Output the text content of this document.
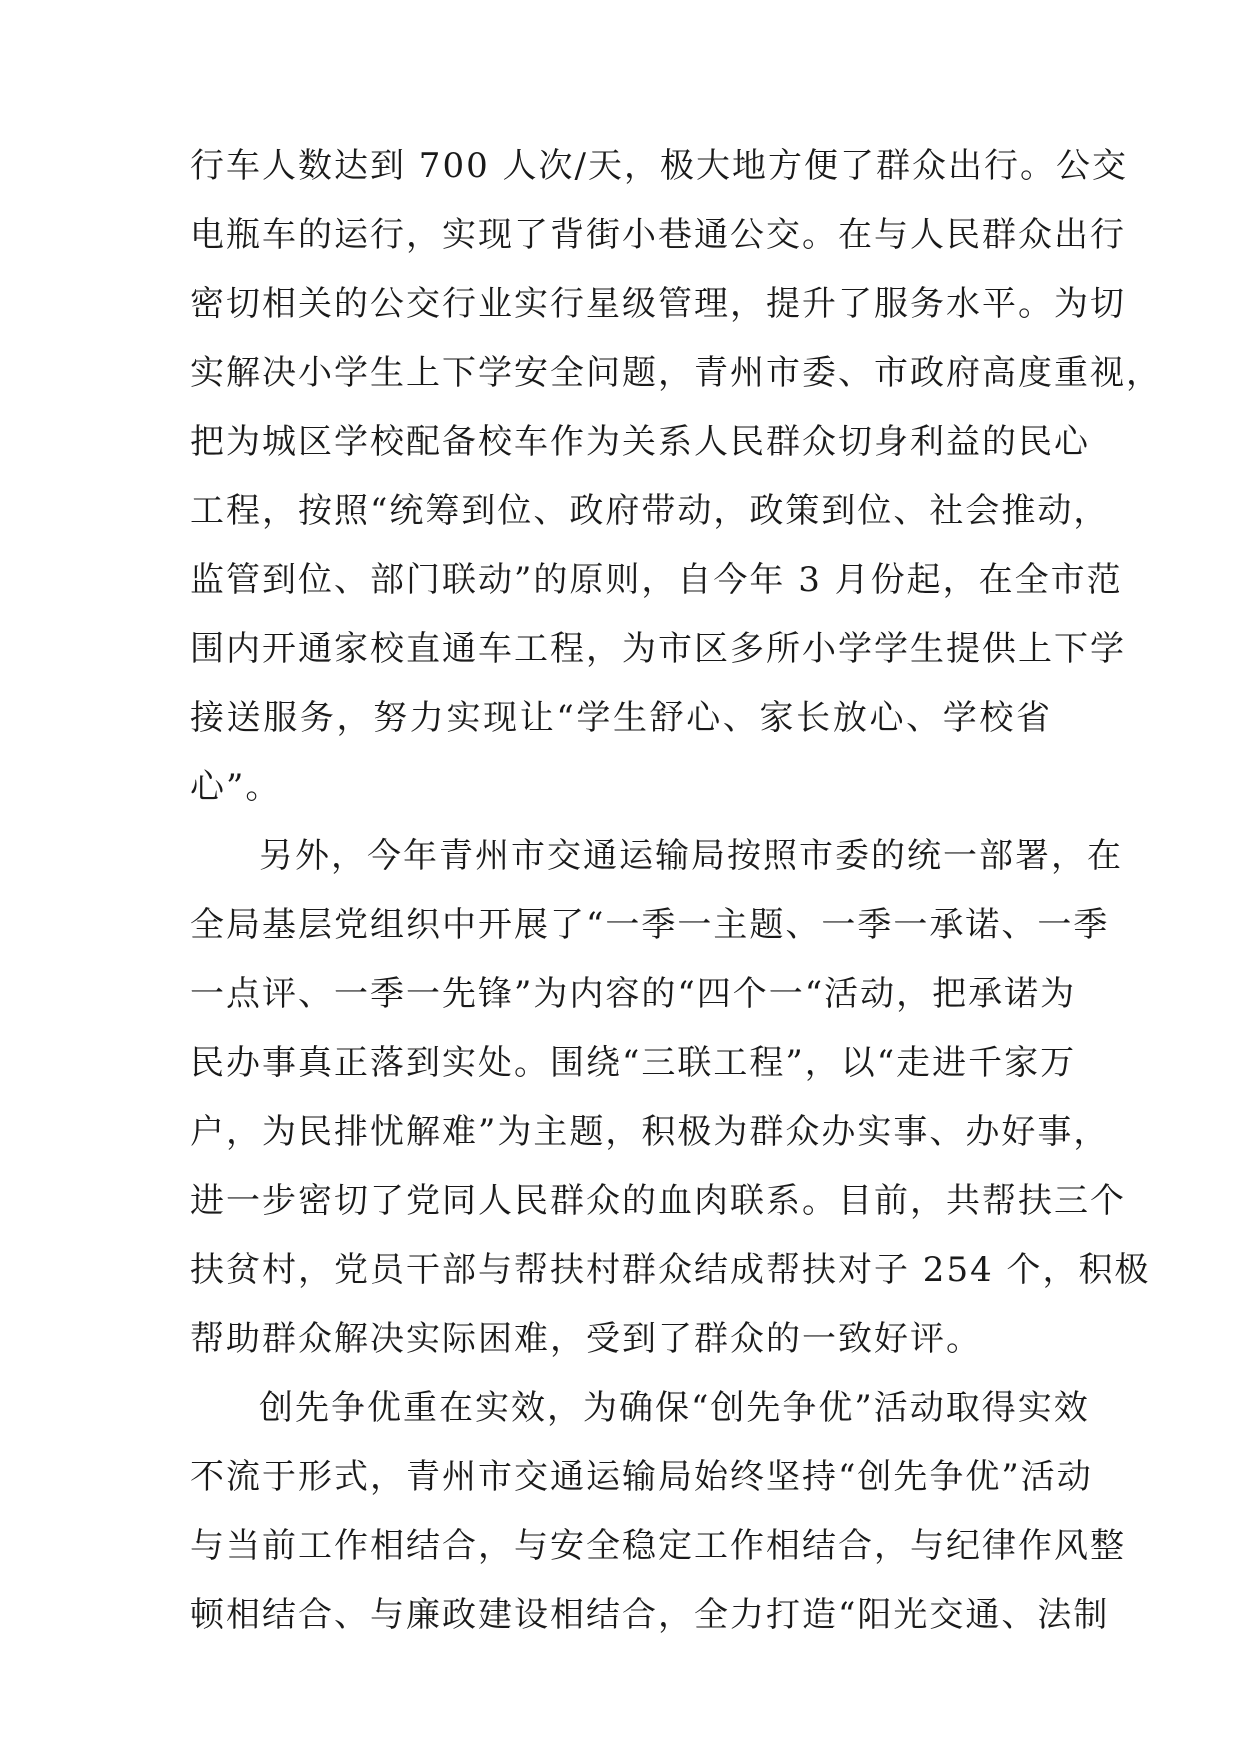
行车人数达到 700 人次/天，极大地方便了群众出行。公交
电瓶车的运行，实现了背街小巷通公交。在与人民群众出行
密切相关的公交行业实行星级管理，提升了服务水平。为切
实解决小学生上下学安全问题，青州市委、市政府高度重视，
把为城区学校配备校车作为关系人民群众切身利益的民心
工程，按照“统筹到位、政府带动，政策到位、社会推动，
监管到位、部门联动”的原则，自今年 3 月份起，在全市范
围内开通家校直通车工程，为市区多所小学学生提供上下学
接送服务，努力实现让“学生舒心、家长放心、学校省
心”。
另外，今年青州市交通运输局按照市委的统一部署，在
全局基层党组织中开展了“一季一主题、一季一承诺、一季
一点评、一季一先锋”为内容的“四个一“活动，把承诺为
民办事真正落到实处。围绕“三联工程”，以“走进千家万
户，为民排忧解难”为主题，积极为群众办实事、办好事，
进一步密切了党同人民群众的血肉联系。目前，共帮扶三个
扶贫村，党员干部与帮扶村群众结成帮扶对子 254 个，积极
帮助群众解决实际困难，受到了群众的一致好评。
创先争优重在实效，为确保“创先争优”活动取得实效
不流于形式，青州市交通运输局始终坚持“创先争优”活动
与当前工作相结合，与安全稳定工作相结合，与纪律作风整
顿相结合、与廉政建设相结合，全力打造“阳光交通、法制
